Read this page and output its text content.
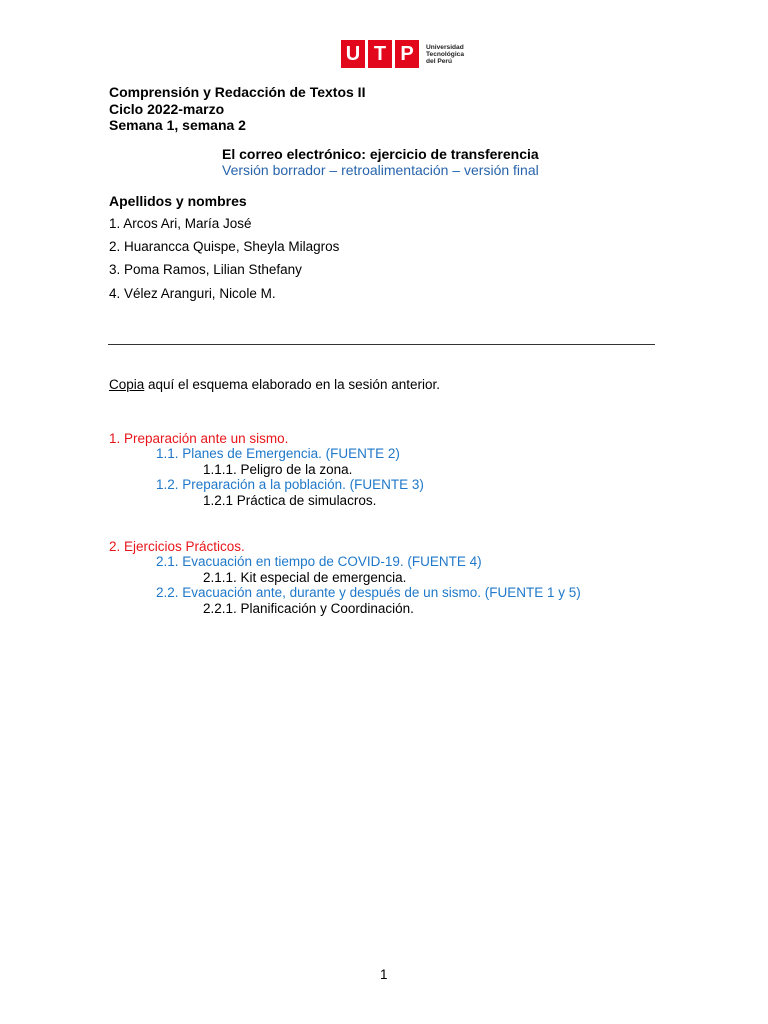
U T P	Universidad
Tecnológica
del Perú
Comprensión y Redacción de Textos II
Ciclo 2022-marzo
Semana 1, semana 2
El correo electrónico: ejercicio de transferencia
Versión borrador – retroalimentación – versión final
Apellidos y nombres
1. Arcos Ari, María José
2. Huarancca Quispe, Sheyla Milagros
3. Poma Ramos, Lilian Sthefany
4. Vélez Aranguri, Nicole M.
Copia aquí el esquema elaborado en la sesión anterior.
1. Preparación ante un sismo.
1.1. Planes de Emergencia. (FUENTE 2)
1.1.1. Peligro de la zona.
1.2. Preparación a la población. (FUENTE 3)
1.2.1 Práctica de simulacros.
2. Ejercicios Prácticos.
2.1. Evacuación en tiempo de COVID-19. (FUENTE 4)
2.1.1. Kit especial de emergencia.
2.2. Evacuación ante, durante y después de un sismo. (FUENTE 1 y 5)
2.2.1. Planificación y Coordinación.
1
